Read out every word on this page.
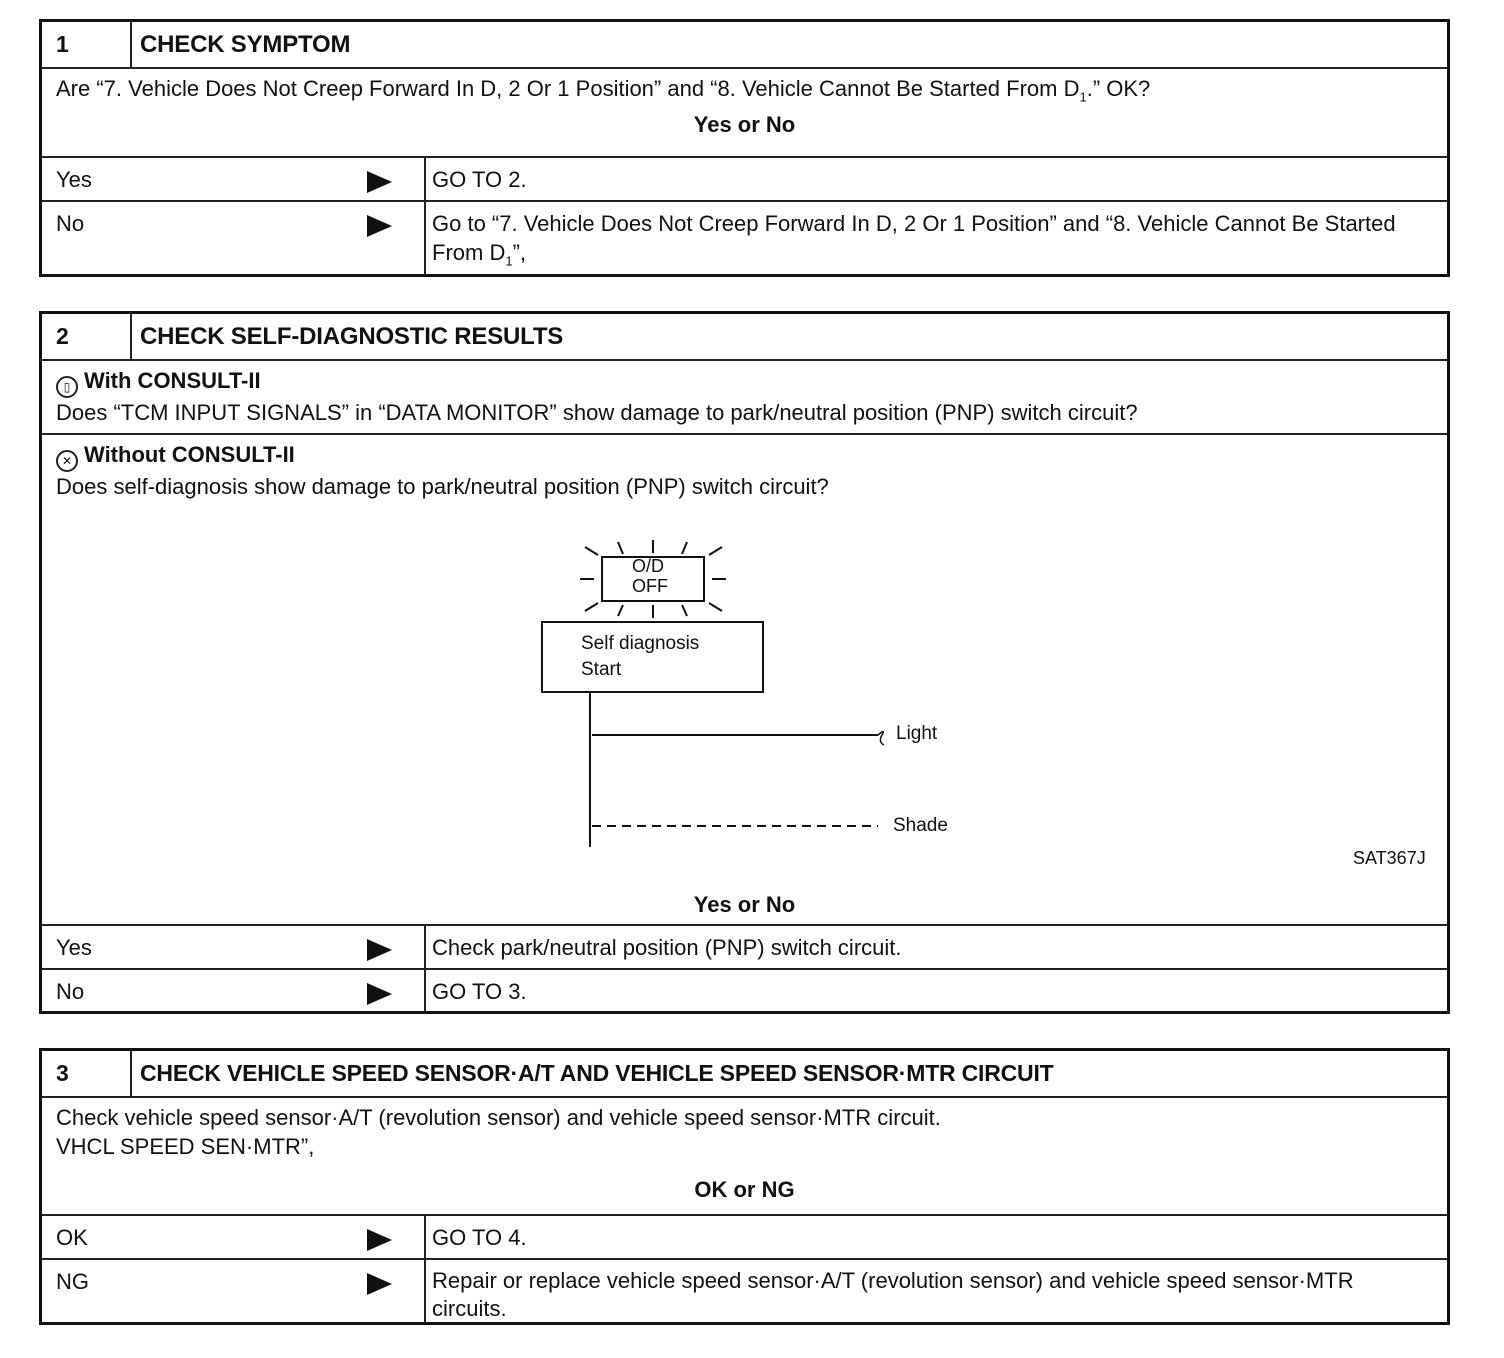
1	CHECK SYMPTOM
Are “7. Vehicle Does Not Creep Forward In D, 2 Or 1 Position” and “8. Vehicle Cannot Be Started From $D_1$.” OK?
Yes or No
Yes	GO TO 2.
No	Go to “7. Vehicle Does Not Creep Forward In D, 2 Or 1 Position” and “8. Vehicle Cannot Be Started From $D_1$”,
2	CHECK SELF-DIAGNOSTIC RESULTS
▯ With CONSULT-II
Does “TCM INPUT SIGNALS” in “DATA MONITOR” show damage to park/neutral position (PNP) switch circuit?
✕ Without CONSULT-II
Does self-diagnosis show damage to park/neutral position (PNP) switch circuit?
O/D
OFF
Self diagnosis
Start
Light
Shade
SAT367J
Yes or No
Yes	Check park/neutral position (PNP) switch circuit.
No	GO TO 3.
3	CHECK VEHICLE SPEED SENSOR·A/T AND VEHICLE SPEED SENSOR·MTR CIRCUIT
Check vehicle speed sensor·A/T (revolution sensor) and vehicle speed sensor·MTR circuit.
VHCL SPEED SEN·MTR”,
OK or NG
OK	GO TO 4.
NG	Repair or replace vehicle speed sensor·A/T (revolution sensor) and vehicle speed sensor·MTR circuits.
